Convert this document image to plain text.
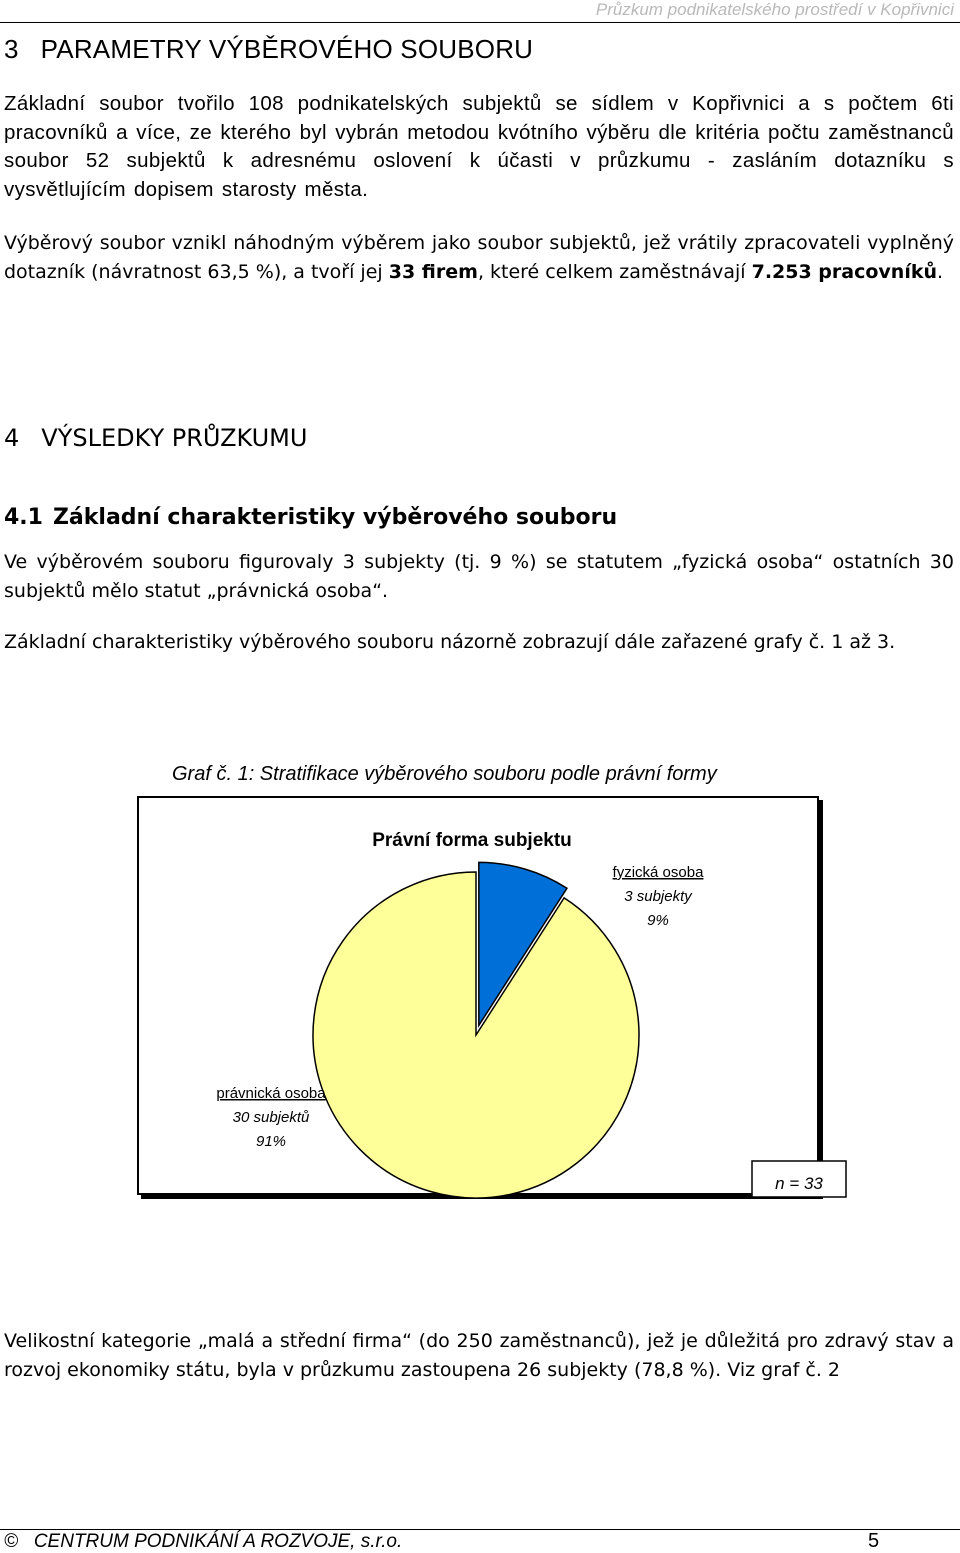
Průzkum podnikatelského prostředí v Kopřivnici
3 PARAMETRY VÝBĚROVÉHO SOUBORU

Základní soubor tvořilo 108 podnikatelských subjektů se sídlem v Kopřivnici a s počtem 6ti pracovníků a více, ze kterého byl vybrán metodou kvótního výběru dle kritéria počtu zaměstnanců soubor 52 subjektů k adresnému oslovení k účasti v průzkumu - zasláním dotazníku s vysvětlujícím dopisem starosty města.

Výběrový soubor vznikl náhodným výběrem jako soubor subjektů, jež vrátily zpracovateli vyplněný dotazník (návratnost 63,5 %), a tvoří jej 33 firem, které celkem zaměstnávají 7.253 pracovníků.

4 VÝSLEDKY PRŮZKUMU
4.1 Základní charakteristiky výběrového souboru

Ve výběrovém souboru figurovaly 3 subjekty (tj. 9 %) se statutem „fyzická osoba“ ostatních 30 subjektů mělo statut „právnická osoba“.

Základní charakteristiky výběrového souboru názorně zobrazují dále zařazené grafy č. 1 až 3.

Graf č. 1: Stratifikace výběrového souboru podle právní formy
Právní forma subjektu
fyzická osoba
3 subjekty
9%
právnická osoba
30 subjektů
91%
n = 33

Velikostní kategorie „malá a střední firma“ (do 250 zaměstnanců), jež je důležitá pro zdravý stav a rozvoj ekonomiky státu, byla v průzkumu zastoupena 26 subjekty (78,8 %). Viz graf č. 2

©   CENTRUM PODNIKÁNÍ A ROZVOJE, s.r.o.	5
